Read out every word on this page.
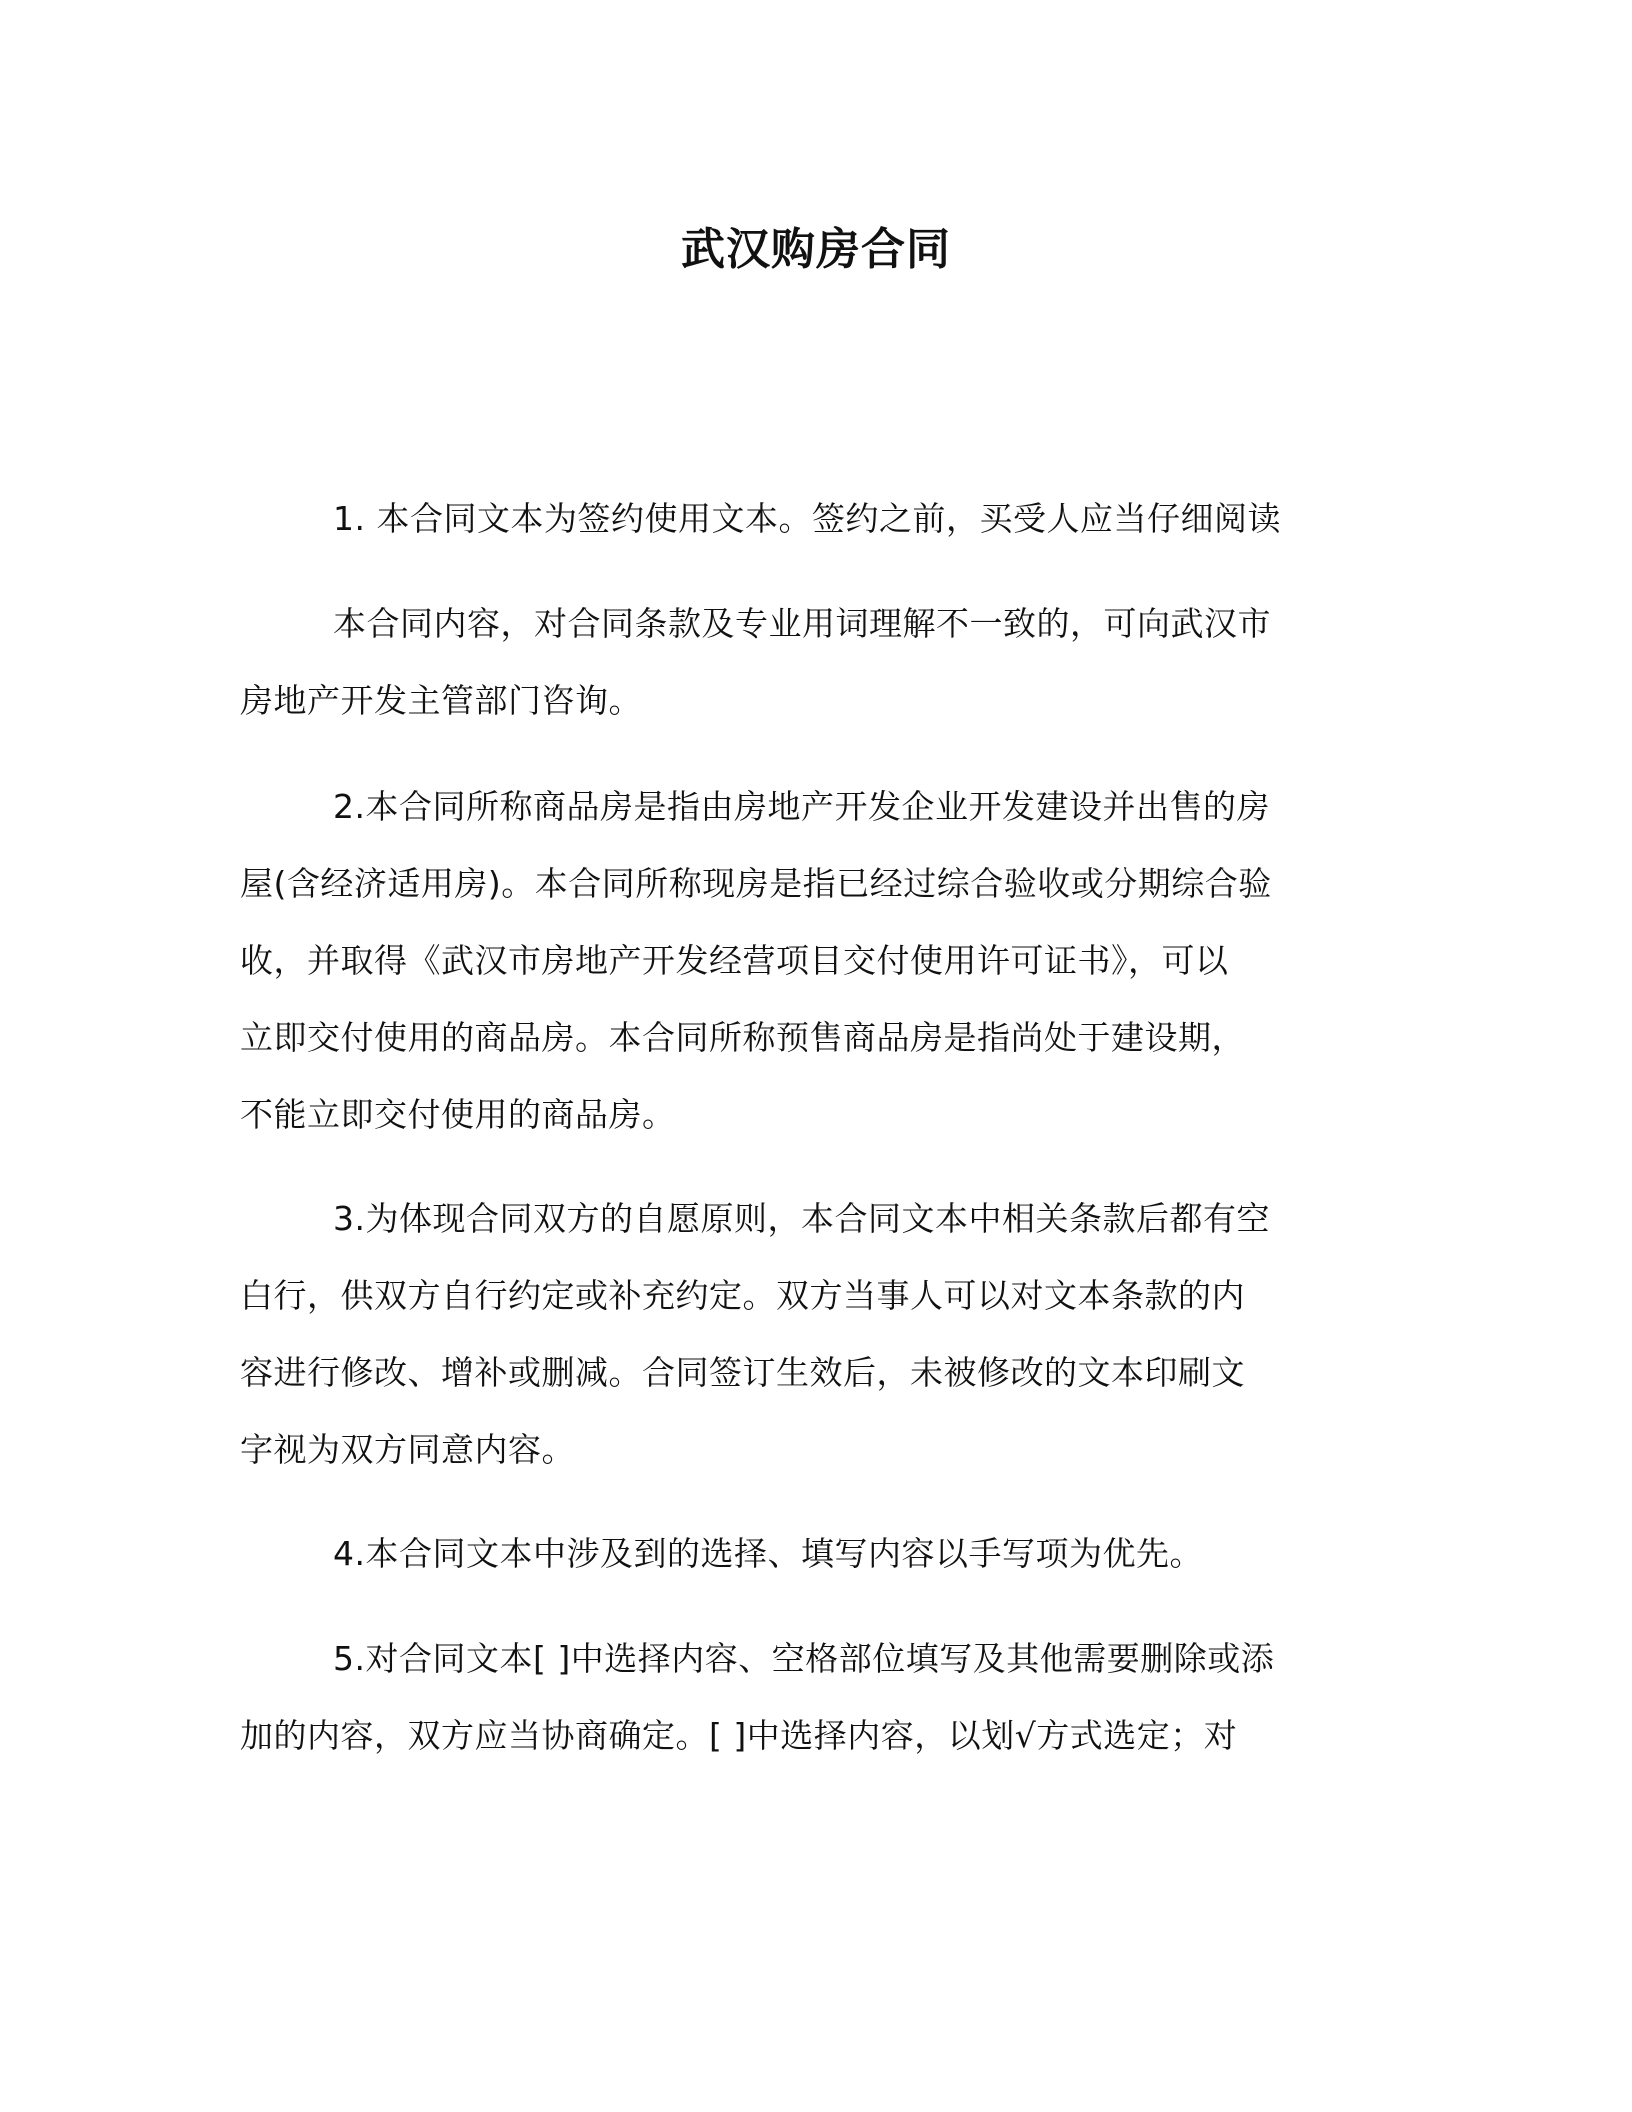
武汉购房合同
1. 本合同文本为签约使用文本。签约之前，买受人应当仔细阅读
本合同内容，对合同条款及专业用词理解不一致的，可向武汉市
房地产开发主管部门咨询。
2.本合同所称商品房是指由房地产开发企业开发建设并出售的房
屋(含经济适用房)。本合同所称现房是指已经过综合验收或分期综合验
收，并取得《武汉市房地产开发经营项目交付使用许可证书》，可以
立即交付使用的商品房。本合同所称预售商品房是指尚处于建设期，
不能立即交付使用的商品房。
3.为体现合同双方的自愿原则，本合同文本中相关条款后都有空
白行，供双方自行约定或补充约定。双方当事人可以对文本条款的内
容进行修改、增补或删减。合同签订生效后，未被修改的文本印刷文
字视为双方同意内容。
4.本合同文本中涉及到的选择、填写内容以手写项为优先。
5.对合同文本[ ]中选择内容、空格部位填写及其他需要删除或添
加的内容，双方应当协商确定。[ ]中选择内容，以划√方式选定；对
